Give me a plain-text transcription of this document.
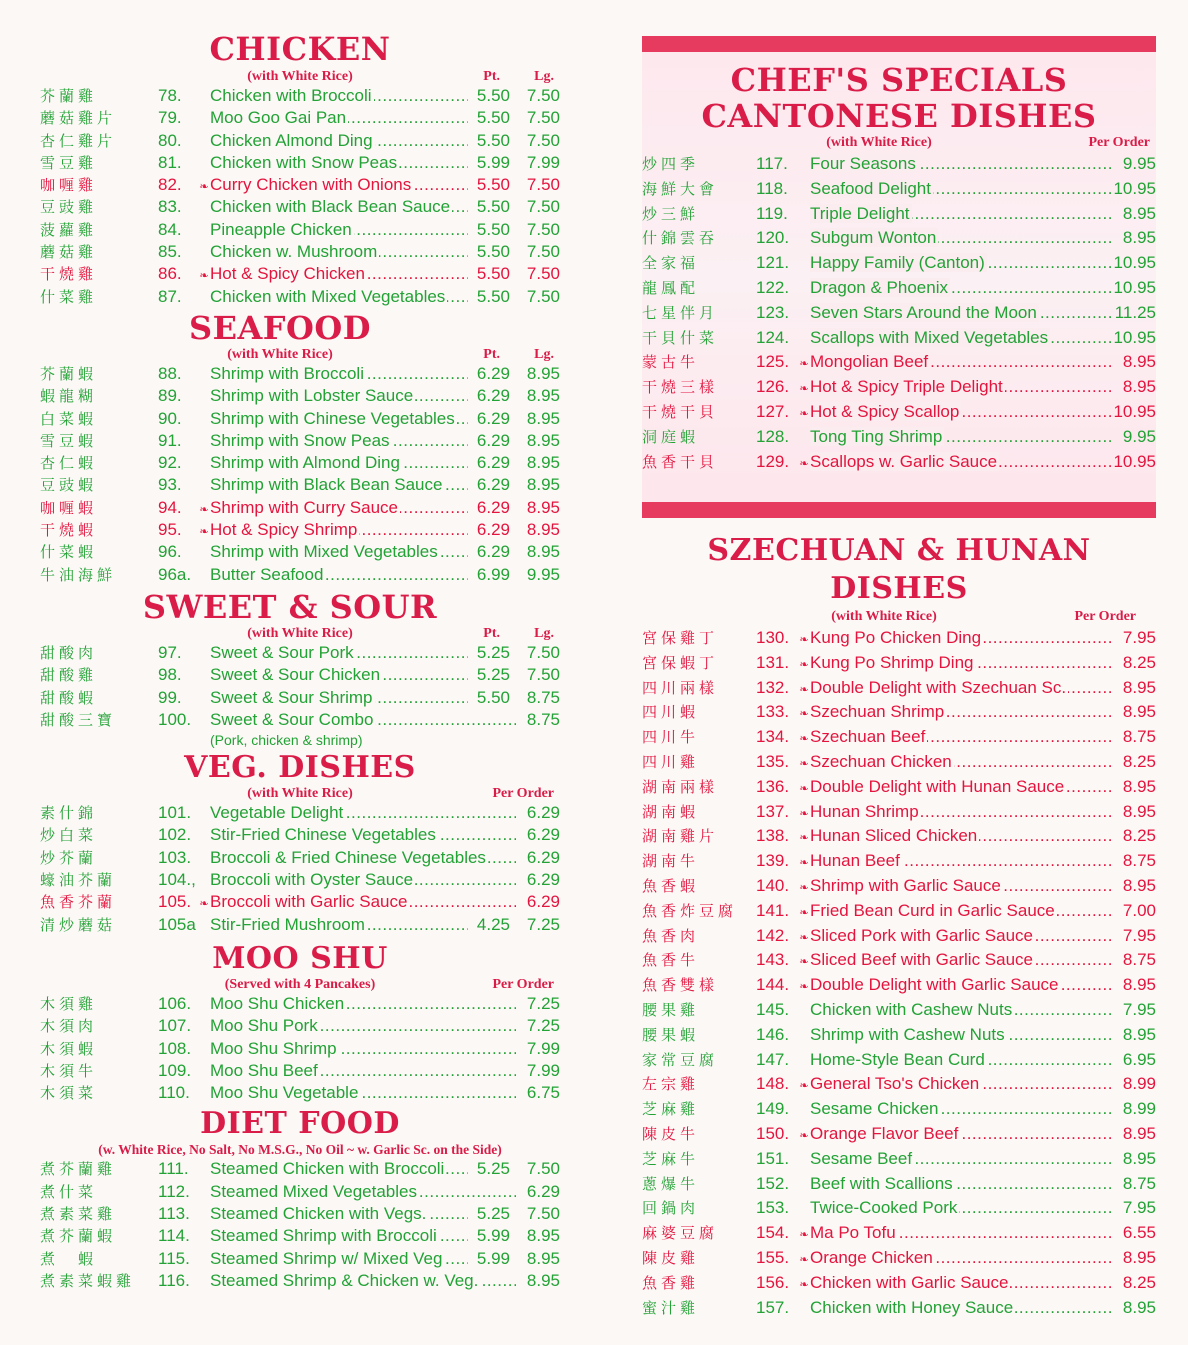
CHICKEN
(with White Rice)	Pt. Lg.
芥蘭雞	78.	Chicken with Broccoli .....	5.50 7.50
蘑菇雞片	79.	Moo Goo Gai Pan .....	5.50 7.50
杏仁雞片	80.	Chicken Almond Ding .....	5.50 7.50
雪豆雞	81.	Chicken with Snow Peas .....	5.99 7.99
咖喱雞	82.	❧ Curry Chicken with Onions .....	5.50 7.50
豆豉雞	83.	Chicken with Black Bean Sauce .....	5.50 7.50
菠蘿雞	84.	Pineapple Chicken .....	5.50 7.50
蘑菇雞	85.	Chicken w. Mushroom .....	5.50 7.50
干燒雞	86.	❧ Hot & Spicy Chicken .....	5.50 7.50
什菜雞	87.	Chicken with Mixed Vegetables .....	5.50 7.50
SEAFOOD
(with White Rice)	Pt. Lg.
芥蘭蝦	88.	Shrimp with Broccoli .....	6.29 8.95
蝦龍糊	89.	Shrimp with Lobster Sauce .....	6.29 8.95
白菜蝦	90.	Shrimp with Chinese Vegetables .....	6.29 8.95
雪豆蝦	91.	Shrimp with Snow Peas .....	6.29 8.95
杏仁蝦	92.	Shrimp with Almond Ding .....	6.29 8.95
豆豉蝦	93.	Shrimp with Black Bean Sauce .....	6.29 8.95
咖喱蝦	94.	❧ Shrimp with Curry Sauce .....	6.29 8.95
干燒蝦	95.	❧ Hot & Spicy Shrimp .....	6.29 8.95
什菜蝦	96.	Shrimp with Mixed Vegetables .....	6.29 8.95
牛油海鮮	96a.	Butter Seafood .....	6.99 9.95
SWEET & SOUR
(with White Rice)	Pt. Lg.
甜酸肉	97.	Sweet & Sour Pork .....	5.25 7.50
甜酸雞	98.	Sweet & Sour Chicken .....	5.25 7.50
甜酸蝦	99.	Sweet & Sour Shrimp .....	5.50 8.75
甜酸三寶	100.	Sweet & Sour Combo .....	8.75
(Pork, chicken & shrimp)
VEG. DISHES
(with White Rice)	Per Order
素什錦	101.	Vegetable Delight .....	6.29
炒白菜	102.	Stir-Fried Chinese Vegetables .....	6.29
炒芥蘭	103.	Broccoli & Fried Chinese Vegetables .....	6.29
蠔油芥蘭	104., Broccoli with Oyster Sauce .....	6.29
魚香芥蘭	105. ❧ Broccoli with Garlic Sauce .....	6.29
清炒蘑菇	105a Stir-Fried Mushroom .....	4.25 7.25
MOO SHU
(Served with 4 Pancakes)	Per Order
木須雞	106.	Moo Shu Chicken .....	7.25
木須肉	107.	Moo Shu Pork .....	7.25
木須蝦	108.	Moo Shu Shrimp .....	7.99
木須牛	109.	Moo Shu Beef .....	7.99
木須菜	110.	Moo Shu Vegetable .....	6.75
DIET FOOD
(w. White Rice, No Salt, No M.S.G., No Oil ~ w. Garlic Sc. on the Side)
煮芥蘭雞	111.	Steamed Chicken with Broccoli .....	5.25 7.50
煮什菜	112.	Steamed Mixed Vegetables .....	6.29
煮素菜雞	113.	Steamed Chicken with Vegs. .....	5.25 7.50
煮芥蘭蝦	114.	Steamed Shrimp with Broccoli .....	5.99 8.95
煮　蝦	115.	Steamed Shrimp w/ Mixed Veg .....	5.99 8.95
煮素菜蝦雞	116.	Steamed Shrimp & Chicken w. Veg. .....	8.95
CHEF'S SPECIALS
CANTONESE DISHES
(with White Rice)	Per Order
炒四季	117.	Four Seasons .....	9.95
海鮮大會	118.	Seafood Delight .....	10.95
炒三鮮	119.	Triple Delight .....	8.95
什錦雲吞	120.	Subgum Wonton .....	8.95
全家福	121.	Happy Family (Canton) .....	10.95
龍鳳配	122.	Dragon & Phoenix .....	10.95
七星伴月	123.	Seven Stars Around the Moon .....	11.25
干貝什菜	124.	Scallops with Mixed Vegetables .....	10.95
蒙古牛	125. ❧ Mongolian Beef .....	8.95
干燒三樣	126. ❧ Hot & Spicy Triple Delight .....	8.95
干燒干貝	127. ❧ Hot & Spicy Scallop .....	10.95
洞庭蝦	128.	Tong Ting Shrimp .....	9.95
魚香干貝	129. ❧ Scallops w. Garlic Sauce .....	10.95
SZECHUAN & HUNAN DISHES
(with White Rice)	Per Order
宮保雞丁	130. ❧ Kung Po Chicken Ding .....	7.95
宮保蝦丁	131. ❧ Kung Po Shrimp Ding .....	8.25
四川兩樣	132. ❧ Double Delight with Szechuan Sc. .....	8.95
四川蝦	133. ❧ Szechuan Shrimp .....	8.95
四川牛	134. ❧ Szechuan Beef .....	8.75
四川雞	135. ❧ Szechuan Chicken .....	8.25
湖南兩樣	136. ❧ Double Delight with Hunan Sauce .....	8.95
湖南蝦	137. ❧ Hunan Shrimp .....	8.95
湖南雞片	138. ❧ Hunan Sliced Chicken .....	8.25
湖南牛	139. ❧ Hunan Beef .....	8.75
魚香蝦	140. ❧ Shrimp with Garlic Sauce .....	8.95
魚香炸豆腐	141. ❧ Fried Bean Curd in Garlic Sauce .....	7.00
魚香肉	142. ❧ Sliced Pork with Garlic Sauce .....	7.95
魚香牛	143. ❧ Sliced Beef with Garlic Sauce .....	8.75
魚香雙樣	144. ❧ Double Delight with Garlic Sauce .....	8.95
腰果雞	145.	Chicken with Cashew Nuts .....	7.95
腰果蝦	146.	Shrimp with Cashew Nuts .....	8.95
家常豆腐	147.	Home-Style Bean Curd .....	6.95
左宗雞	148. ❧ General Tso's Chicken .....	8.99
芝麻雞	149.	Sesame Chicken .....	8.99
陳皮牛	150. ❧ Orange Flavor Beef .....	8.95
芝麻牛	151.	Sesame Beef .....	8.95
蔥爆牛	152.	Beef with Scallions .....	8.75
回鍋肉	153.	Twice-Cooked Pork .....	7.95
麻婆豆腐	154. ❧ Ma Po Tofu .....	6.55
陳皮雞	155. ❧ Orange Chicken .....	8.95
魚香雞	156. ❧ Chicken with Garlic Sauce .....	8.25
蜜汁雞	157.	Chicken with Honey Sauce .....	8.95
